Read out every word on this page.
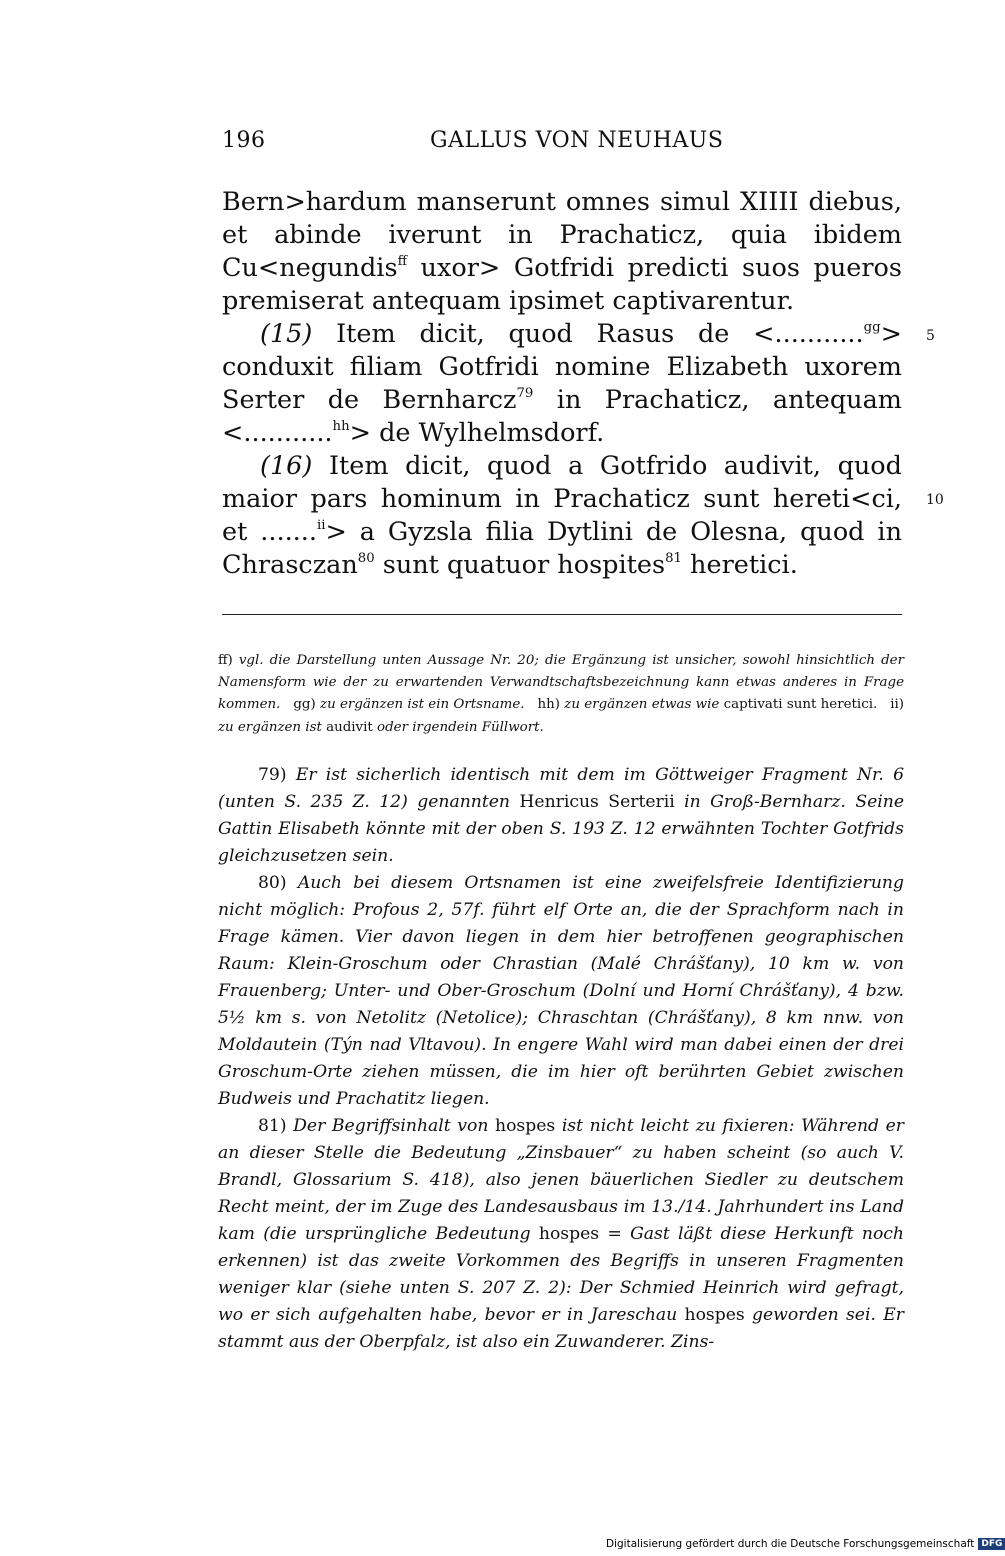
196	GALLUS VON NEUHAUS

Bern>hardum manserunt omnes simul XIIII diebus, et abinde iverunt in Prachaticz, quia ibidem Cu<negundis$^{ff}$ uxor> Gotfridi predicti suos pueros premiserat antequam ipsimet captivarentur.

(15) Item dicit, quod Rasus de <...........$^{gg}$> conduxit filiam Gotfridi nomine Elizabeth uxorem Serter de Bernharcz$^{79}$ in Prachaticz, antequam <...........$^{hh}$> de Wylhelmsdorf.

(16) Item dicit, quod a Gotfrido audivit, quod maior pars hominum in Prachaticz sunt hereti<ci, et .......$^{ii}$> a Gyzsla filia Dytlini de Olesna, quod in Chrasczan$^{80}$ sunt quatuor hospites$^{81}$ heretici.

5
10

ff) vgl. die Darstellung unten Aussage Nr. 20; die Ergänzung ist unsicher, sowohl hinsichtlich der Namensform wie der zu erwartenden Verwandtschaftsbezeichnung kann etwas anderes in Frage kommen. gg) zu ergänzen ist ein Ortsname. hh) zu ergänzen etwas wie captivati sunt heretici. ii) zu ergänzen ist audivit oder irgendein Füllwort.

79) Er ist sicherlich identisch mit dem im Göttweiger Fragment Nr. 6 (unten S. 235 Z. 12) genannten Henricus Serterii in Groß-Bernharz. Seine Gattin Elisabeth könnte mit der oben S. 193 Z. 12 erwähnten Tochter Gotfrids gleichzusetzen sein.

80) Auch bei diesem Ortsnamen ist eine zweifelsfreie Identifizierung nicht möglich: Profous 2, 57f. führt elf Orte an, die der Sprachform nach in Frage kämen. Vier davon liegen in dem hier betroffenen geographischen Raum: Klein-Groschum oder Chrastian (Malé Chrášťany), 10 km w. von Frauenberg; Unter- und Ober-Groschum (Dolní und Horní Chrášťany), 4 bzw. 5½ km s. von Netolitz (Netolice); Chraschtan (Chrášťany), 8 km nnw. von Moldautein (Týn nad Vltavou). In engere Wahl wird man dabei einen der drei Groschum-Orte ziehen müssen, die im hier oft berührten Gebiet zwischen Budweis und Prachatitz liegen.

81) Der Begriffsinhalt von hospes ist nicht leicht zu fixieren: Während er an dieser Stelle die Bedeutung „Zinsbauer“ zu haben scheint (so auch V. Brandl, Glossarium S. 418), also jenen bäuerlichen Siedler zu deutschem Recht meint, der im Zuge des Landesausbaus im 13./14. Jahrhundert ins Land kam (die ursprüngliche Bedeutung hospes = Gast läßt diese Herkunft noch erkennen) ist das zweite Vorkommen des Begriffs in unseren Fragmenten weniger klar (siehe unten S. 207 Z. 2): Der Schmied Heinrich wird gefragt, wo er sich aufgehalten habe, bevor er in Jareschau hospes geworden sei. Er stammt aus der Oberpfalz, ist also ein Zuwanderer. Zins-

Digitalisierung gefördert durch die Deutsche Forschungsgemeinschaft DFG
